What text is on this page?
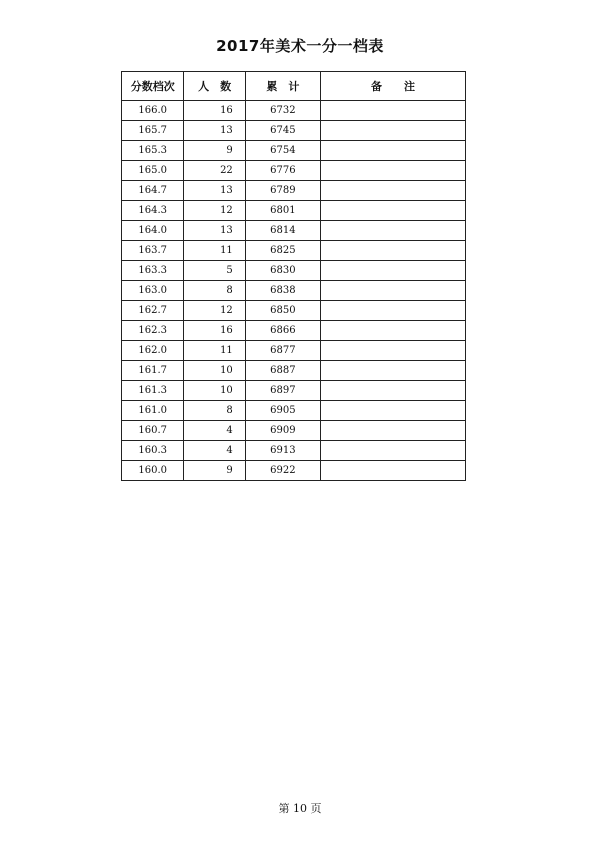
2017年美术一分一档表
分数档次	人　数	累　计	备　　注
166.0	16	6732	
165.7	13	6745	
165.3	9	6754	
165.0	22	6776	
164.7	13	6789	
164.3	12	6801	
164.0	13	6814	
163.7	11	6825	
163.3	5	6830	
163.0	8	6838	
162.7	12	6850	
162.3	16	6866	
162.0	11	6877	
161.7	10	6887	
161.3	10	6897	
161.0	8	6905	
160.7	4	6909	
160.3	4	6913	
160.0	9	6922	
第 10 页
